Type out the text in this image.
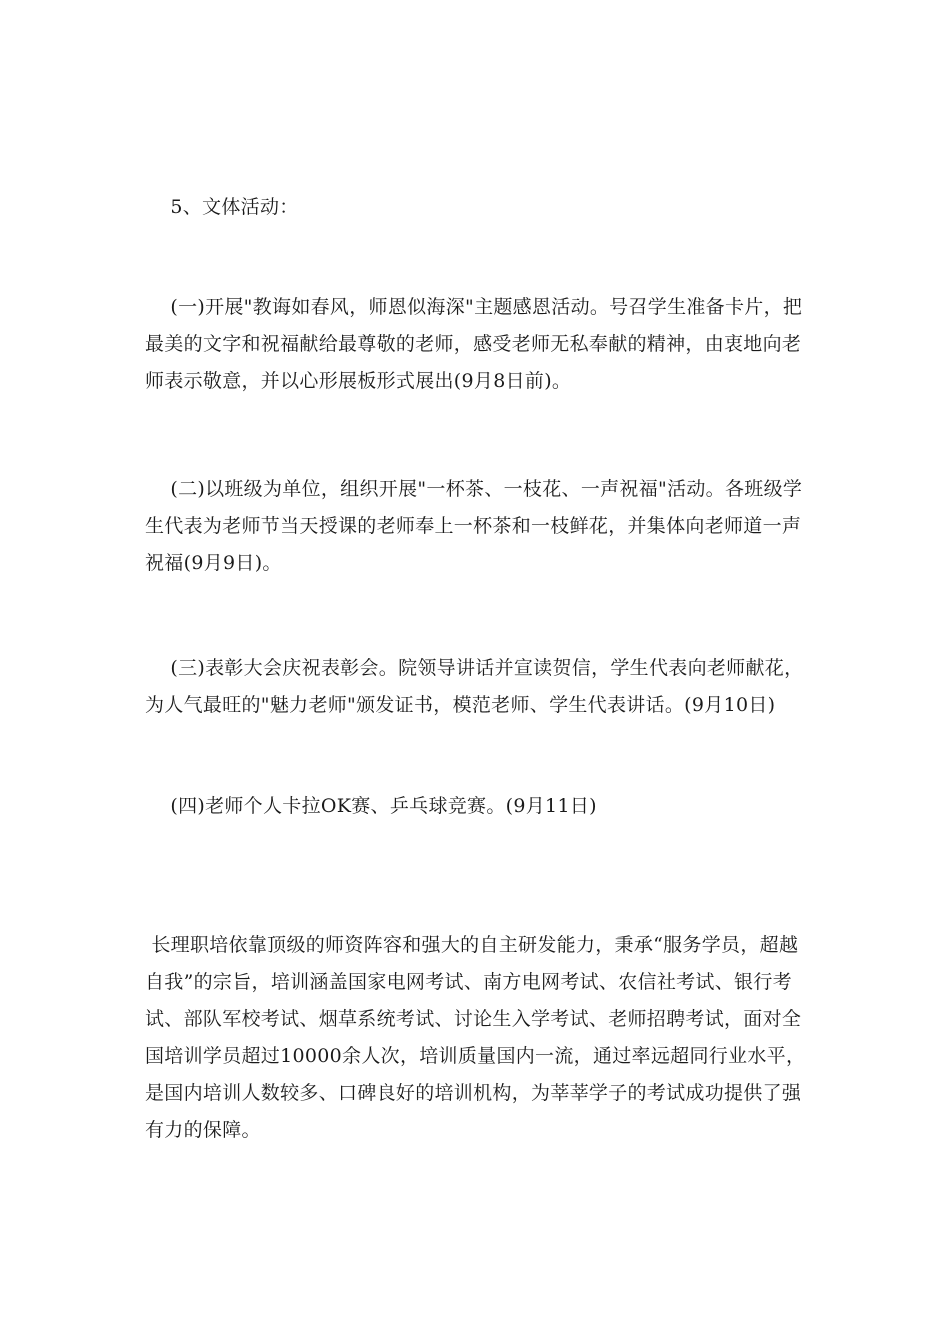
5、文体活动：

(一)开展"教诲如春风，师恩似海深"主题感恩活动。号召学生准备卡片，把最美的文字和祝福献给最尊敬的老师，感受老师无私奉献的精神，由衷地向老师表示敬意，并以心形展板形式展出(9月8日前)。

(二)以班级为单位，组织开展"一杯茶、一枝花、一声祝福"活动。各班级学生代表为老师节当天授课的老师奉上一杯茶和一枝鲜花，并集体向老师道一声祝福(9月9日)。

(三)表彰大会庆祝表彰会。院领导讲话并宣读贺信，学生代表向老师献花，为人气最旺的"魅力老师"颁发证书，模范老师、学生代表讲话。(9月10日)

(四)老师个人卡拉OK赛、乒乓球竞赛。(9月11日)

长理职培依靠顶级的师资阵容和强大的自主研发能力，秉承“服务学员，超越自我”的宗旨，培训涵盖国家电网考试、南方电网考试、农信社考试、银行考试、部队军校考试、烟草系统考试、讨论生入学考试、老师招聘考试，面对全国培训学员超过10000余人次，培训质量国内一流，通过率远超同行业水平，是国内培训人数较多、口碑良好的培训机构，为莘莘学子的考试成功提供了强有力的保障。
